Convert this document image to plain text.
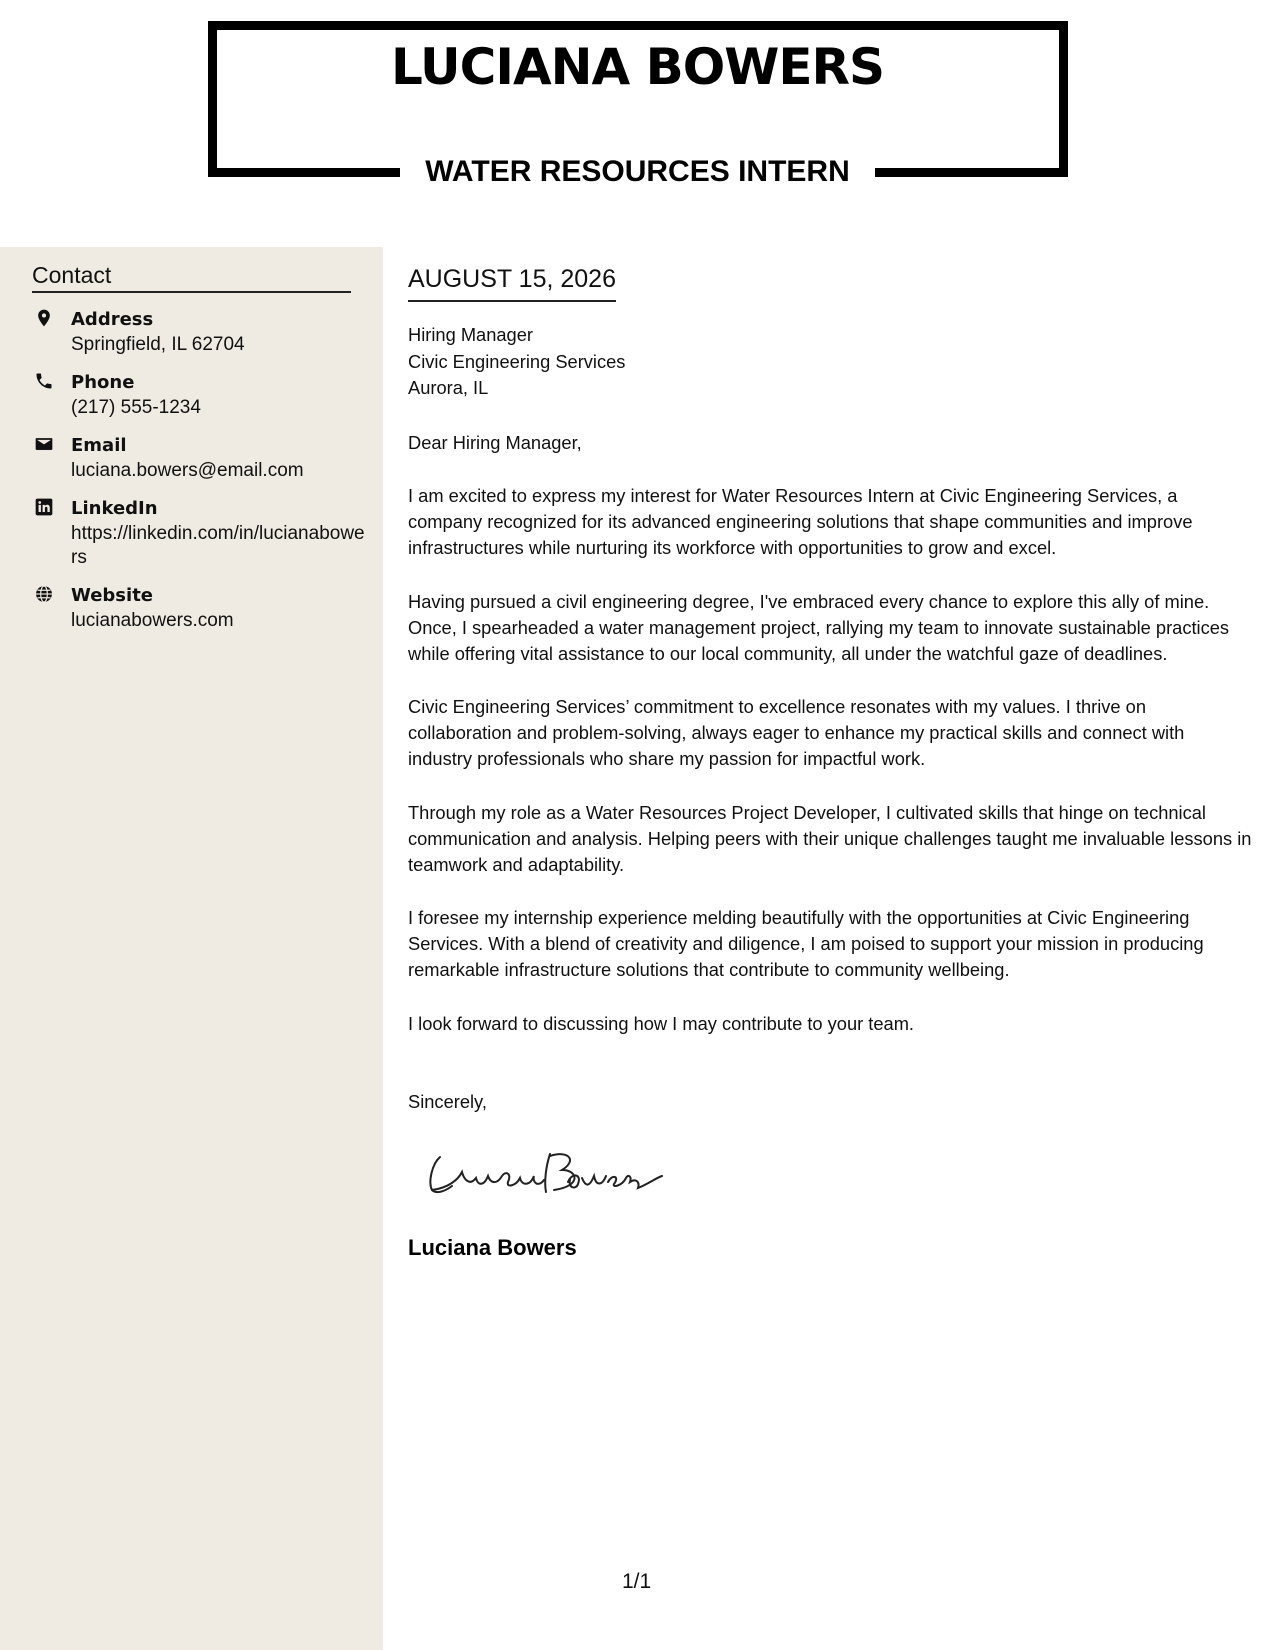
LUCIANA BOWERS
WATER RESOURCES INTERN
Contact
Address
Springfield, IL 62704
Phone
(217) 555-1234
Email
luciana.bowers@email.com
LinkedIn
https://linkedin.com/in/lucianabowers
Website
lucianabowers.com
AUGUST 15, 2026
Hiring Manager
Civic Engineering Services
Aurora, IL
Dear Hiring Manager,

I am excited to express my interest for Water Resources Intern at Civic Engineering Services, a company recognized for its advanced engineering solutions that shape communities and improve infrastructures while nurturing its workforce with opportunities to grow and excel.

Having pursued a civil engineering degree, I've embraced every chance to explore this ally of mine. Once, I spearheaded a water management project, rallying my team to innovate sustainable practices while offering vital assistance to our local community, all under the watchful gaze of deadlines.

Civic Engineering Services’ commitment to excellence resonates with my values. I thrive on collaboration and problem-solving, always eager to enhance my practical skills and connect with industry professionals who share my passion for impactful work.

Through my role as a Water Resources Project Developer, I cultivated skills that hinge on technical communication and analysis. Helping peers with their unique challenges taught me invaluable lessons in teamwork and adaptability.

I foresee my internship experience melding beautifully with the opportunities at Civic Engineering Services. With a blend of creativity and diligence, I am poised to support your mission in producing remarkable infrastructure solutions that contribute to community wellbeing.

I look forward to discussing how I may contribute to your team.

Sincerely,
Luciana Bowers
1/1
